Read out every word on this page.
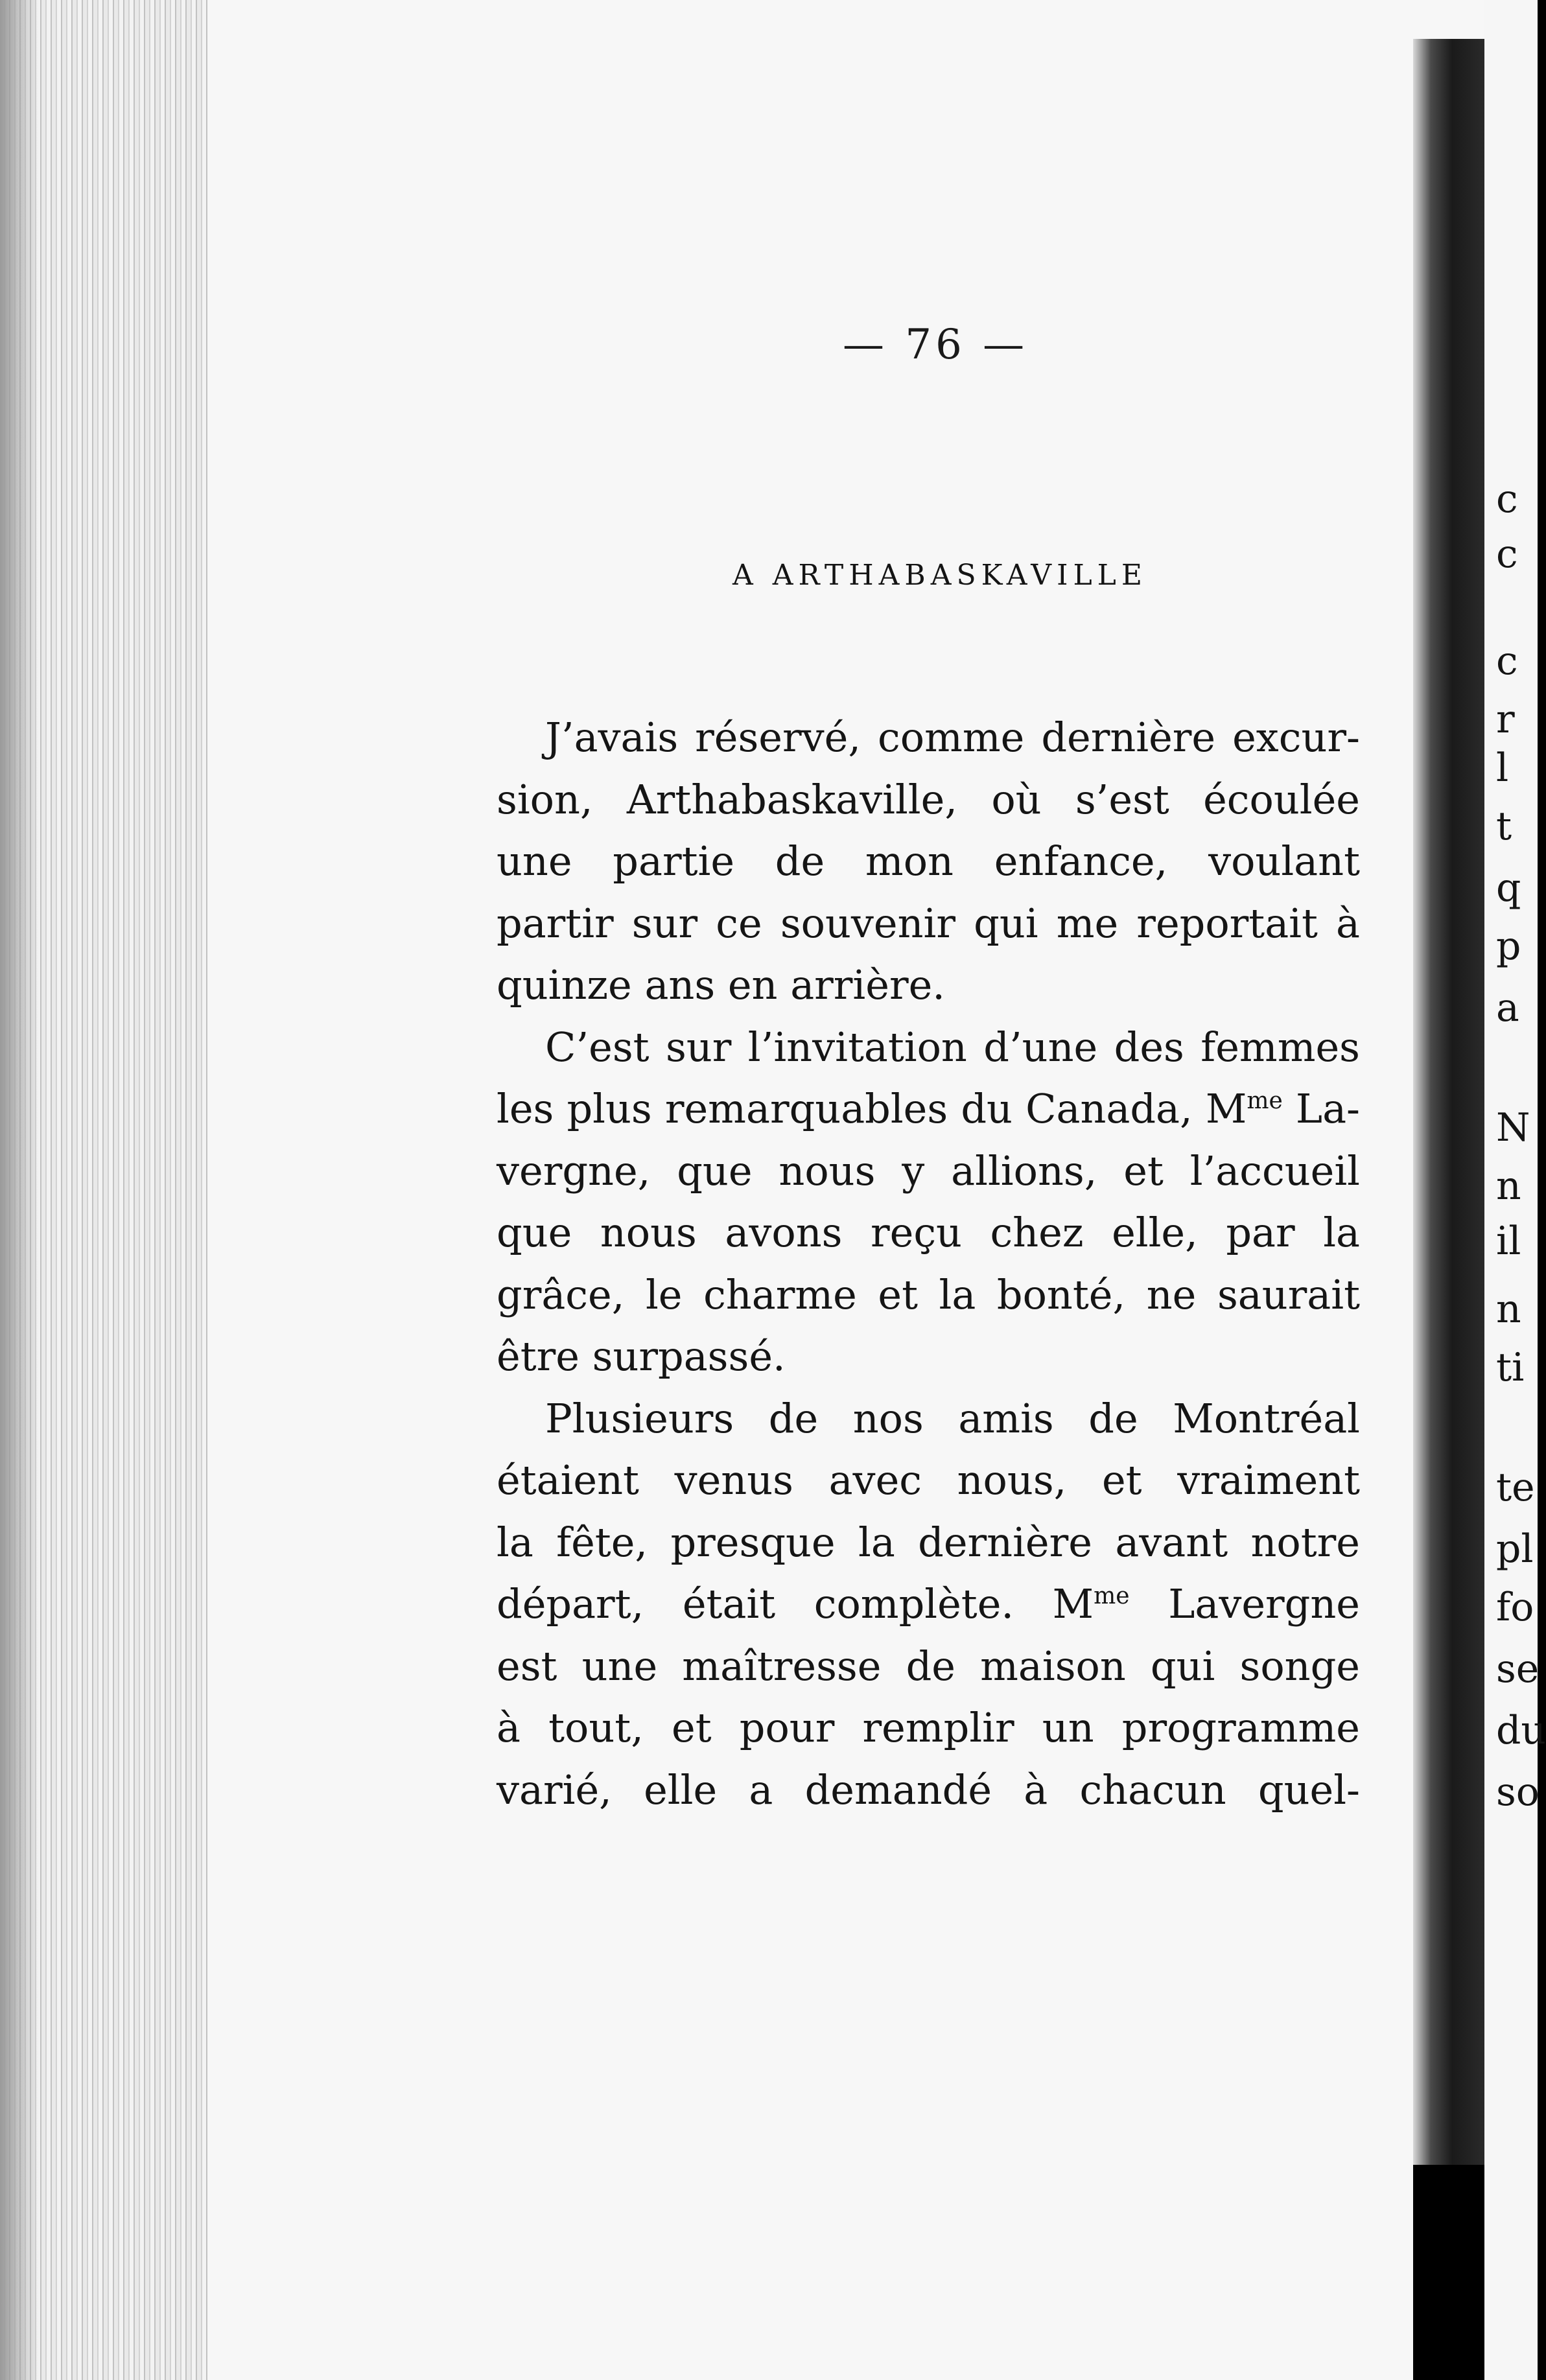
c
c
c
r
l
t
q
p
a
N
n
il
n
ti
te
pl
fo
se
du
so
— 76 —
A ARTHABASKAVILLE

J’avais réservé, comme dernière excur-
sion, Arthabaskaville, où s’est écoulée
une partie de mon enfance, voulant
partir sur ce souvenir qui me reportait à
quinze ans en arrière.

C’est sur l’invitation d’une des femmes
les plus remarquables du Canada, $M^{me}$ La-
vergne, que nous y allions, et l’accueil
que nous avons reçu chez elle, par la
grâce, le charme et la bonté, ne saurait
être surpassé.

Plusieurs de nos amis de Montréal
étaient venus avec nous, et vraiment
la fête, presque la dernière avant notre
départ, était complète. $M^{me}$ Lavergne
est une maîtresse de maison qui songe
à tout, et pour remplir un programme
varié, elle a demandé à chacun quel-
